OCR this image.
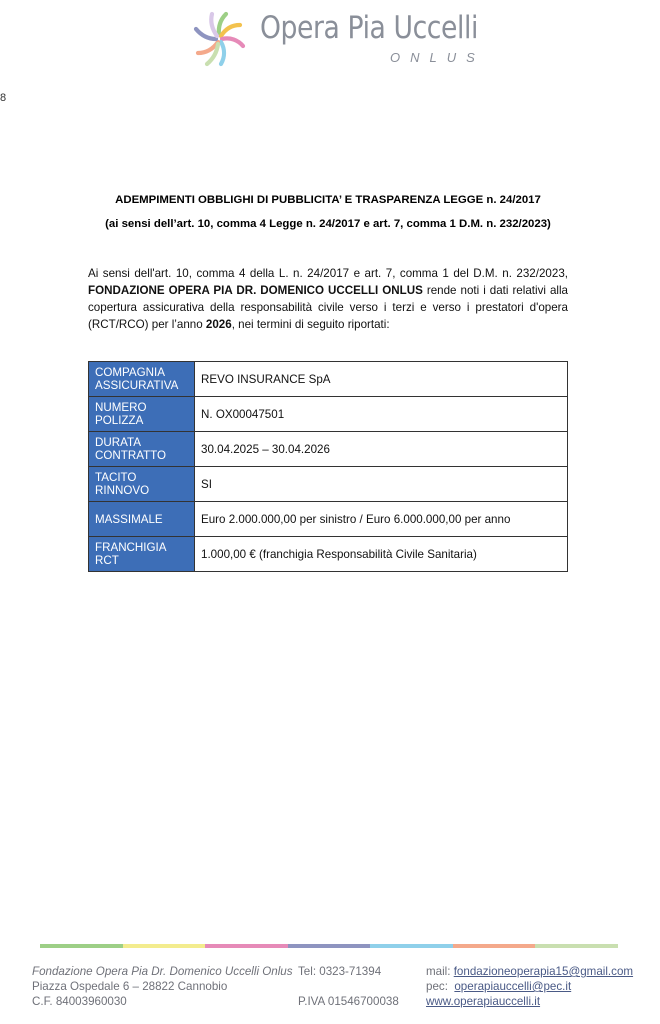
Opera Pia Uccelli
ONLUS
8
ADEMPIMENTI OBBLIGHI DI PUBBLICITA’ E TRASPARENZA LEGGE n. 24/2017
(ai sensi dell’art. 10, comma 4 Legge n. 24/2017 e art. 7, comma 1 D.M. n. 232/2023)
Ai sensi dell'art. 10, comma 4 della L. n. 24/2017 e art. 7, comma 1 del D.M. n. 232/2023, FONDAZIONE OPERA PIA DR. DOMENICO UCCELLI ONLUS rende noti i dati relativi alla copertura assicurativa della responsabilità civile verso i terzi e verso i prestatori d'opera (RCT/RCO) per l’anno 2026, nei termini di seguito riportati:
COMPAGNIA ASSICURATIVA	REVO INSURANCE SpA
NUMERO POLIZZA	N. OX00047501
DURATA CONTRATTO	30.04.2025 – 30.04.2026
TACITO RINNOVO	SI
MASSIMALE	Euro 2.000.000,00 per sinistro / Euro 6.000.000,00 per anno
FRANCHIGIA RCT	1.000,00 € (franchigia Responsabilità Civile Sanitaria)
Fondazione Opera Pia Dr. Domenico Uccelli Onlus
Piazza Ospedale 6 – 28822 Cannobio
C.F. 84003960030
Tel: 0323-71394

P.IVA 01546700038
mail: fondazioneoperapia15@gmail.com
pec:  operapiauccelli@pec.it
www.operapiauccelli.it
